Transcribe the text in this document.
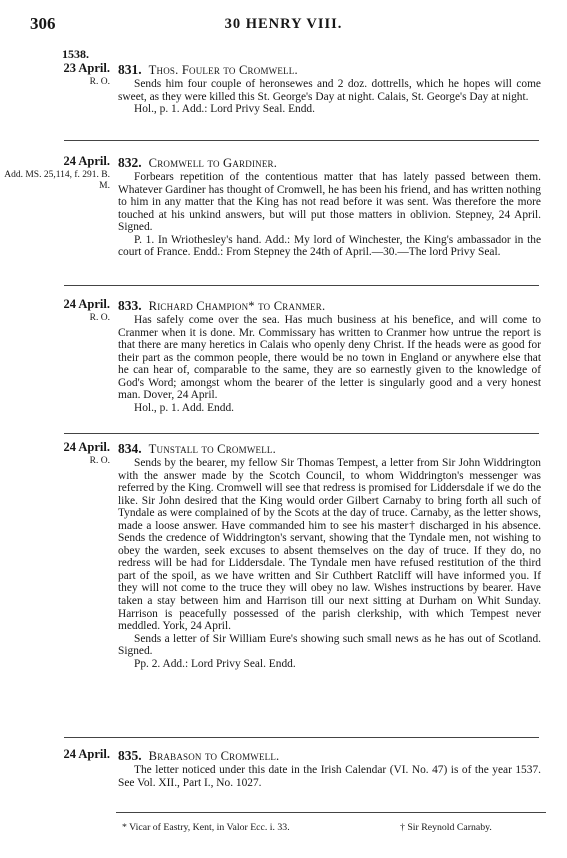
306	30 HENRY VIII.
1538.
23 April.
R. O.
831. Thos. Fouler to Cromwell.

Sends him four couple of heronsewes and 2 doz. dottrells, which he hopes will come sweet, as they were killed this St. George's Day at night. Calais, St. George's Day at night.

Hol., p. 1. Add.: Lord Privy Seal. Endd.

24 April.
Add. MS. 25,114, f. 291. B. M.
832. Cromwell to Gardiner.

Forbears repetition of the contentious matter that has lately passed between them. Whatever Gardiner has thought of Cromwell, he has been his friend, and has written nothing to him in any matter that the King has not read before it was sent. Was therefore the more touched at his unkind answers, but will put those matters in oblivion. Stepney, 24 April. Signed.

P. 1. In Wriothesley's hand. Add.: My lord of Winchester, the King's ambassador in the court of France. Endd.: From Stepney the 24th of April.—30.—The lord Privy Seal.

24 April.
R. O.
833. Richard Champion* to Cranmer.

Has safely come over the sea. Has much business at his benefice, and will come to Cranmer when it is done. Mr. Commissary has written to Cranmer how untrue the report is that there are many heretics in Calais who openly deny Christ. If the heads were as good for their part as the common people, there would be no town in England or anywhere else that he can hear of, comparable to the same, they are so earnestly given to the knowledge of God's Word; amongst whom the bearer of the letter is singularly good and a very honest man. Dover, 24 April.

Hol., p. 1. Add. Endd.

24 April.
R. O.
834. Tunstall to Cromwell.

Sends by the bearer, my fellow Sir Thomas Tempest, a letter from Sir John Widdrington with the answer made by the Scotch Council, to whom Widdrington's messenger was referred by the King. Cromwell will see that redress is promised for Liddersdale if we do the like. Sir John desired that the King would order Gilbert Carnaby to bring forth all such of Tyndale as were complained of by the Scots at the day of truce. Carnaby, as the letter shows, made a loose answer. Have commanded him to see his master† discharged in his absence. Sends the credence of Widdrington's servant, showing that the Tyndale men, not wishing to obey the warden, seek excuses to absent themselves on the day of truce. If they do, no redress will be had for Liddersdale. The Tyndale men have refused restitution of the third part of the spoil, as we have written and Sir Cuthbert Ratcliff will have informed you. If they will not come to the truce they will obey no law. Wishes instructions by bearer. Have taken a stay between him and Harrison till our next sitting at Durham on Whit Sunday. Harrison is peacefully possessed of the parish clerkship, with which Tempest never meddled. York, 24 April.

Sends a letter of Sir William Eure's showing such small news as he has out of Scotland. Signed.

Pp. 2. Add.: Lord Privy Seal. Endd.

24 April. 835. Brabason to Cromwell.

The letter noticed under this date in the Irish Calendar (VI. No. 47) is of the year 1537. See Vol. XII., Part I., No. 1027.

* Vicar of Eastry, Kent, in Valor Ecc. i. 33.	† Sir Reynold Carnaby.
